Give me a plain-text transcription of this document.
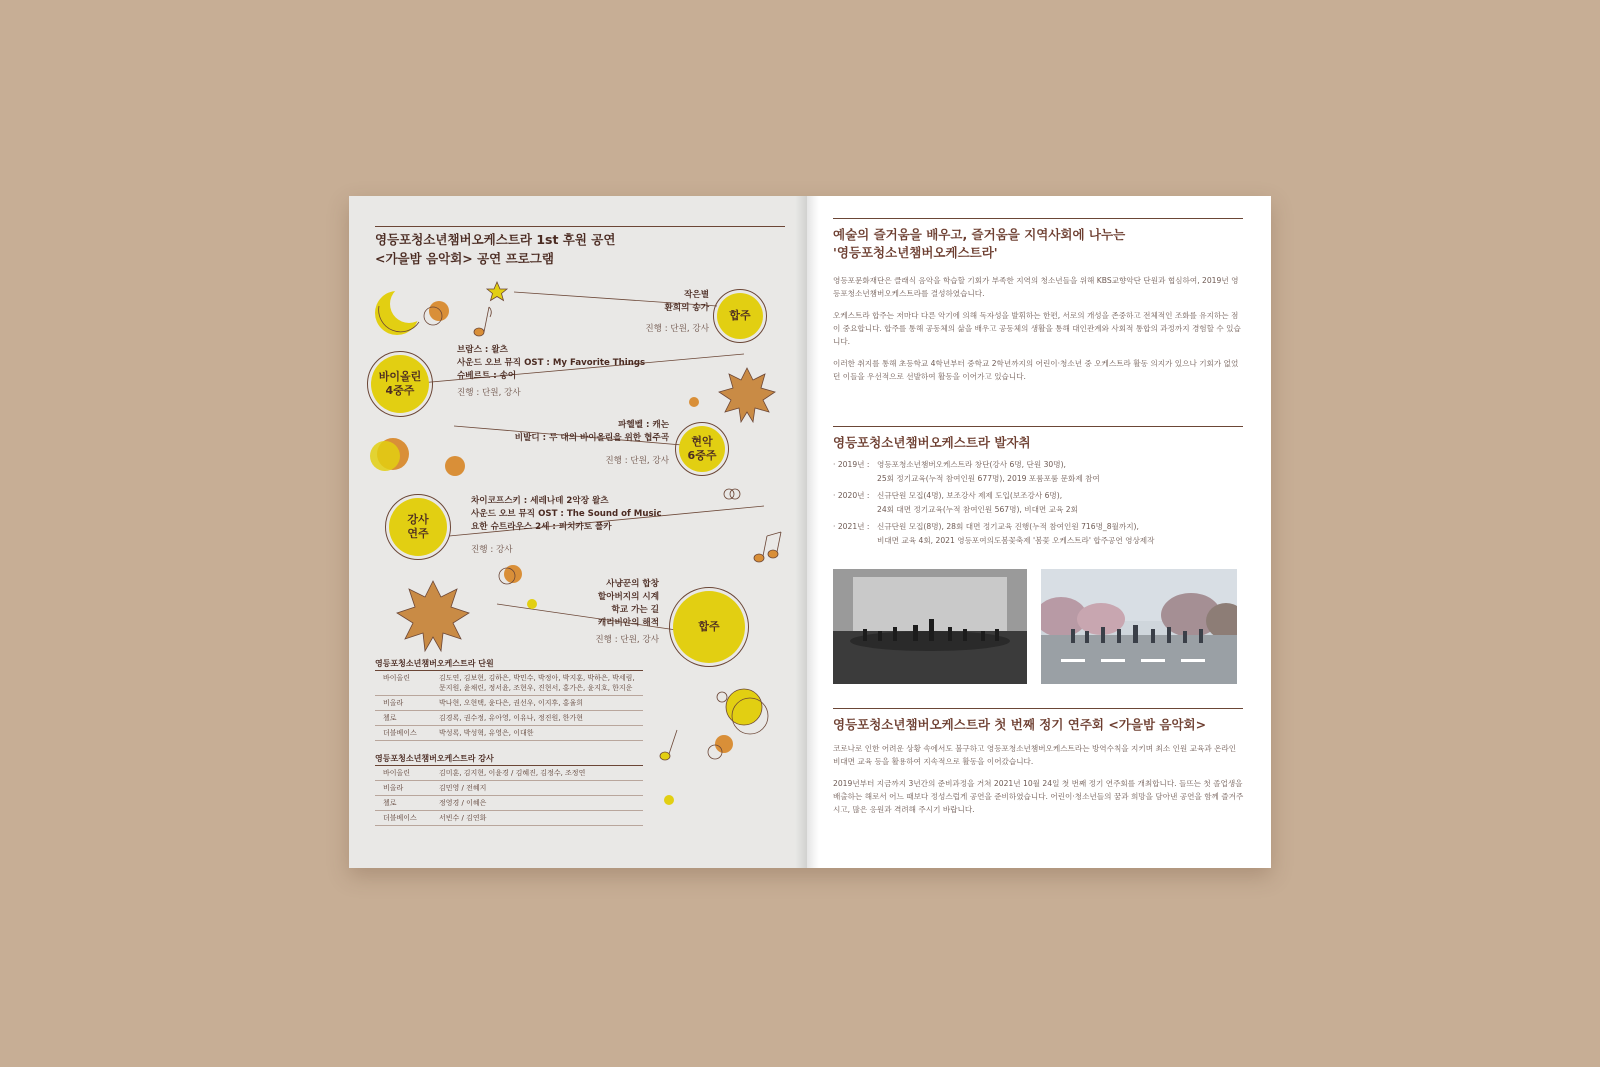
영등포청소년챔버오케스트라 1st 후원 공연
<가을밤 음악회> 공연 프로그램
합주
바이올린
4중주
현악
6중주
강사
연주
합주
작은별
환희의 송가
진행 : 단원, 강사
브람스 : 왈츠
사운드 오브 뮤직 OST : My Favorite Things
슈베르트 : 송어
진행 : 단원, 강사
파헬벨 : 캐논
비발디 : 두 대의 바이올린을 위한 협주곡
진행 : 단원, 강사
차이코프스키 : 세레나데 2악장 왈츠
사운드 오브 뮤직 OST : The Sound of Music
요한 슈트라우스 2세 : 피치카토 폴카
진행 : 강사
사냥꾼의 합창
할아버지의 시계
학교 가는 길
캐리비안의 해적
진행 : 단원, 강사
영등포청소년챔버오케스트라 단원
바이올린	김도연, 김보현, 김하은, 박민수, 박정아, 박지훈, 박하은, 박세림, 문지원, 윤채린, 정서윤, 조현우, 진현서, 홍가은, 윤지호, 한지운
비올라	박나현, 오현택, 윤다은, 권선우, 이지후, 홍율희
첼로	김경록, 권수정, 유아영, 이유나, 정진원, 한가현
더블베이스	박성록, 박성혁, 유영은, 이대한
영등포청소년챔버오케스트라 강사
바이올린	김미훈, 김지현, 이윤경 / 김혜진, 김정수, 조정연
비올라	김민영 / 전혜지
첼로	정영경 / 이혜은
더블베이스	서빈수 / 김연화
예술의 즐거움을 배우고, 즐거움을 지역사회에 나누는
'영등포청소년챔버오케스트라'

영등포문화재단은 클래식 음악을 학습할 기회가 부족한 지역의 청소년들을 위해 KBS교향악단 단원과 협심하여, 2019년 영등포청소년챔버오케스트라를 결성하였습니다.

오케스트라 합주는 저마다 다른 악기에 의해 독자성을 발휘하는 한편, 서로의 개성을 존중하고 전체적인 조화를 유지하는 점이 중요합니다. 합주를 통해 공동체의 삶을 배우고 공동체의 생활을 통해 대인관계와 사회적 통합의 과정까지 경험할 수 있습니다.

이러한 취지를 통해 초등학교 4학년부터 중학교 2학년까지의 어린이·청소년 중 오케스트라 활동 의지가 있으나 기회가 없었던 이들을 우선적으로 선발하여 활동을 이어가고 있습니다.

영등포청소년챔버오케스트라 발자취
· 2019년 : 영등포청소년챔버오케스트라 창단(강사 6명, 단원 30명),
25회 정기교육(누적 참여인원 677명), 2019 포룸포룸 문화제 참여
· 2020년 : 신규단원 모집(4명), 보조강사 제제 도입(보조강사 6명),
24회 대면 정기교육(누적 참여인원 567명), 비대면 교육 2회
· 2021년 : 신규단원 모집(8명), 28회 대면 정기교육 진행(누적 참여인원 716명_8월까지),
비대면 교육 4회, 2021 영등포여의도봄꽃축제 '봄꽃 오케스트라' 합주공연 영상제작
영등포청소년챔버오케스트라 첫 번째 정기 연주회 <가을밤 음악회>

코로나로 인한 어려운 상황 속에서도 불구하고 영등포청소년챔버오케스트라는 방역수칙을 지키며 최소 인원 교육과 온라인 비대면 교육 등을 활용하여 지속적으로 활동을 이어갔습니다.

2019년부터 지금까지 3년간의 준비과정을 거쳐 2021년 10월 24일 첫 번째 정기 연주회를 개최합니다. 들뜨는 첫 졸업생을 배출하는 해로서 어느 때보다 정성스럽게 공연을 준비하였습니다. 어린이·청소년들의 꿈과 희망을 담아낸 공연을 함께 즐겨주시고, 많은 응원과 격려해 주시기 바랍니다.
